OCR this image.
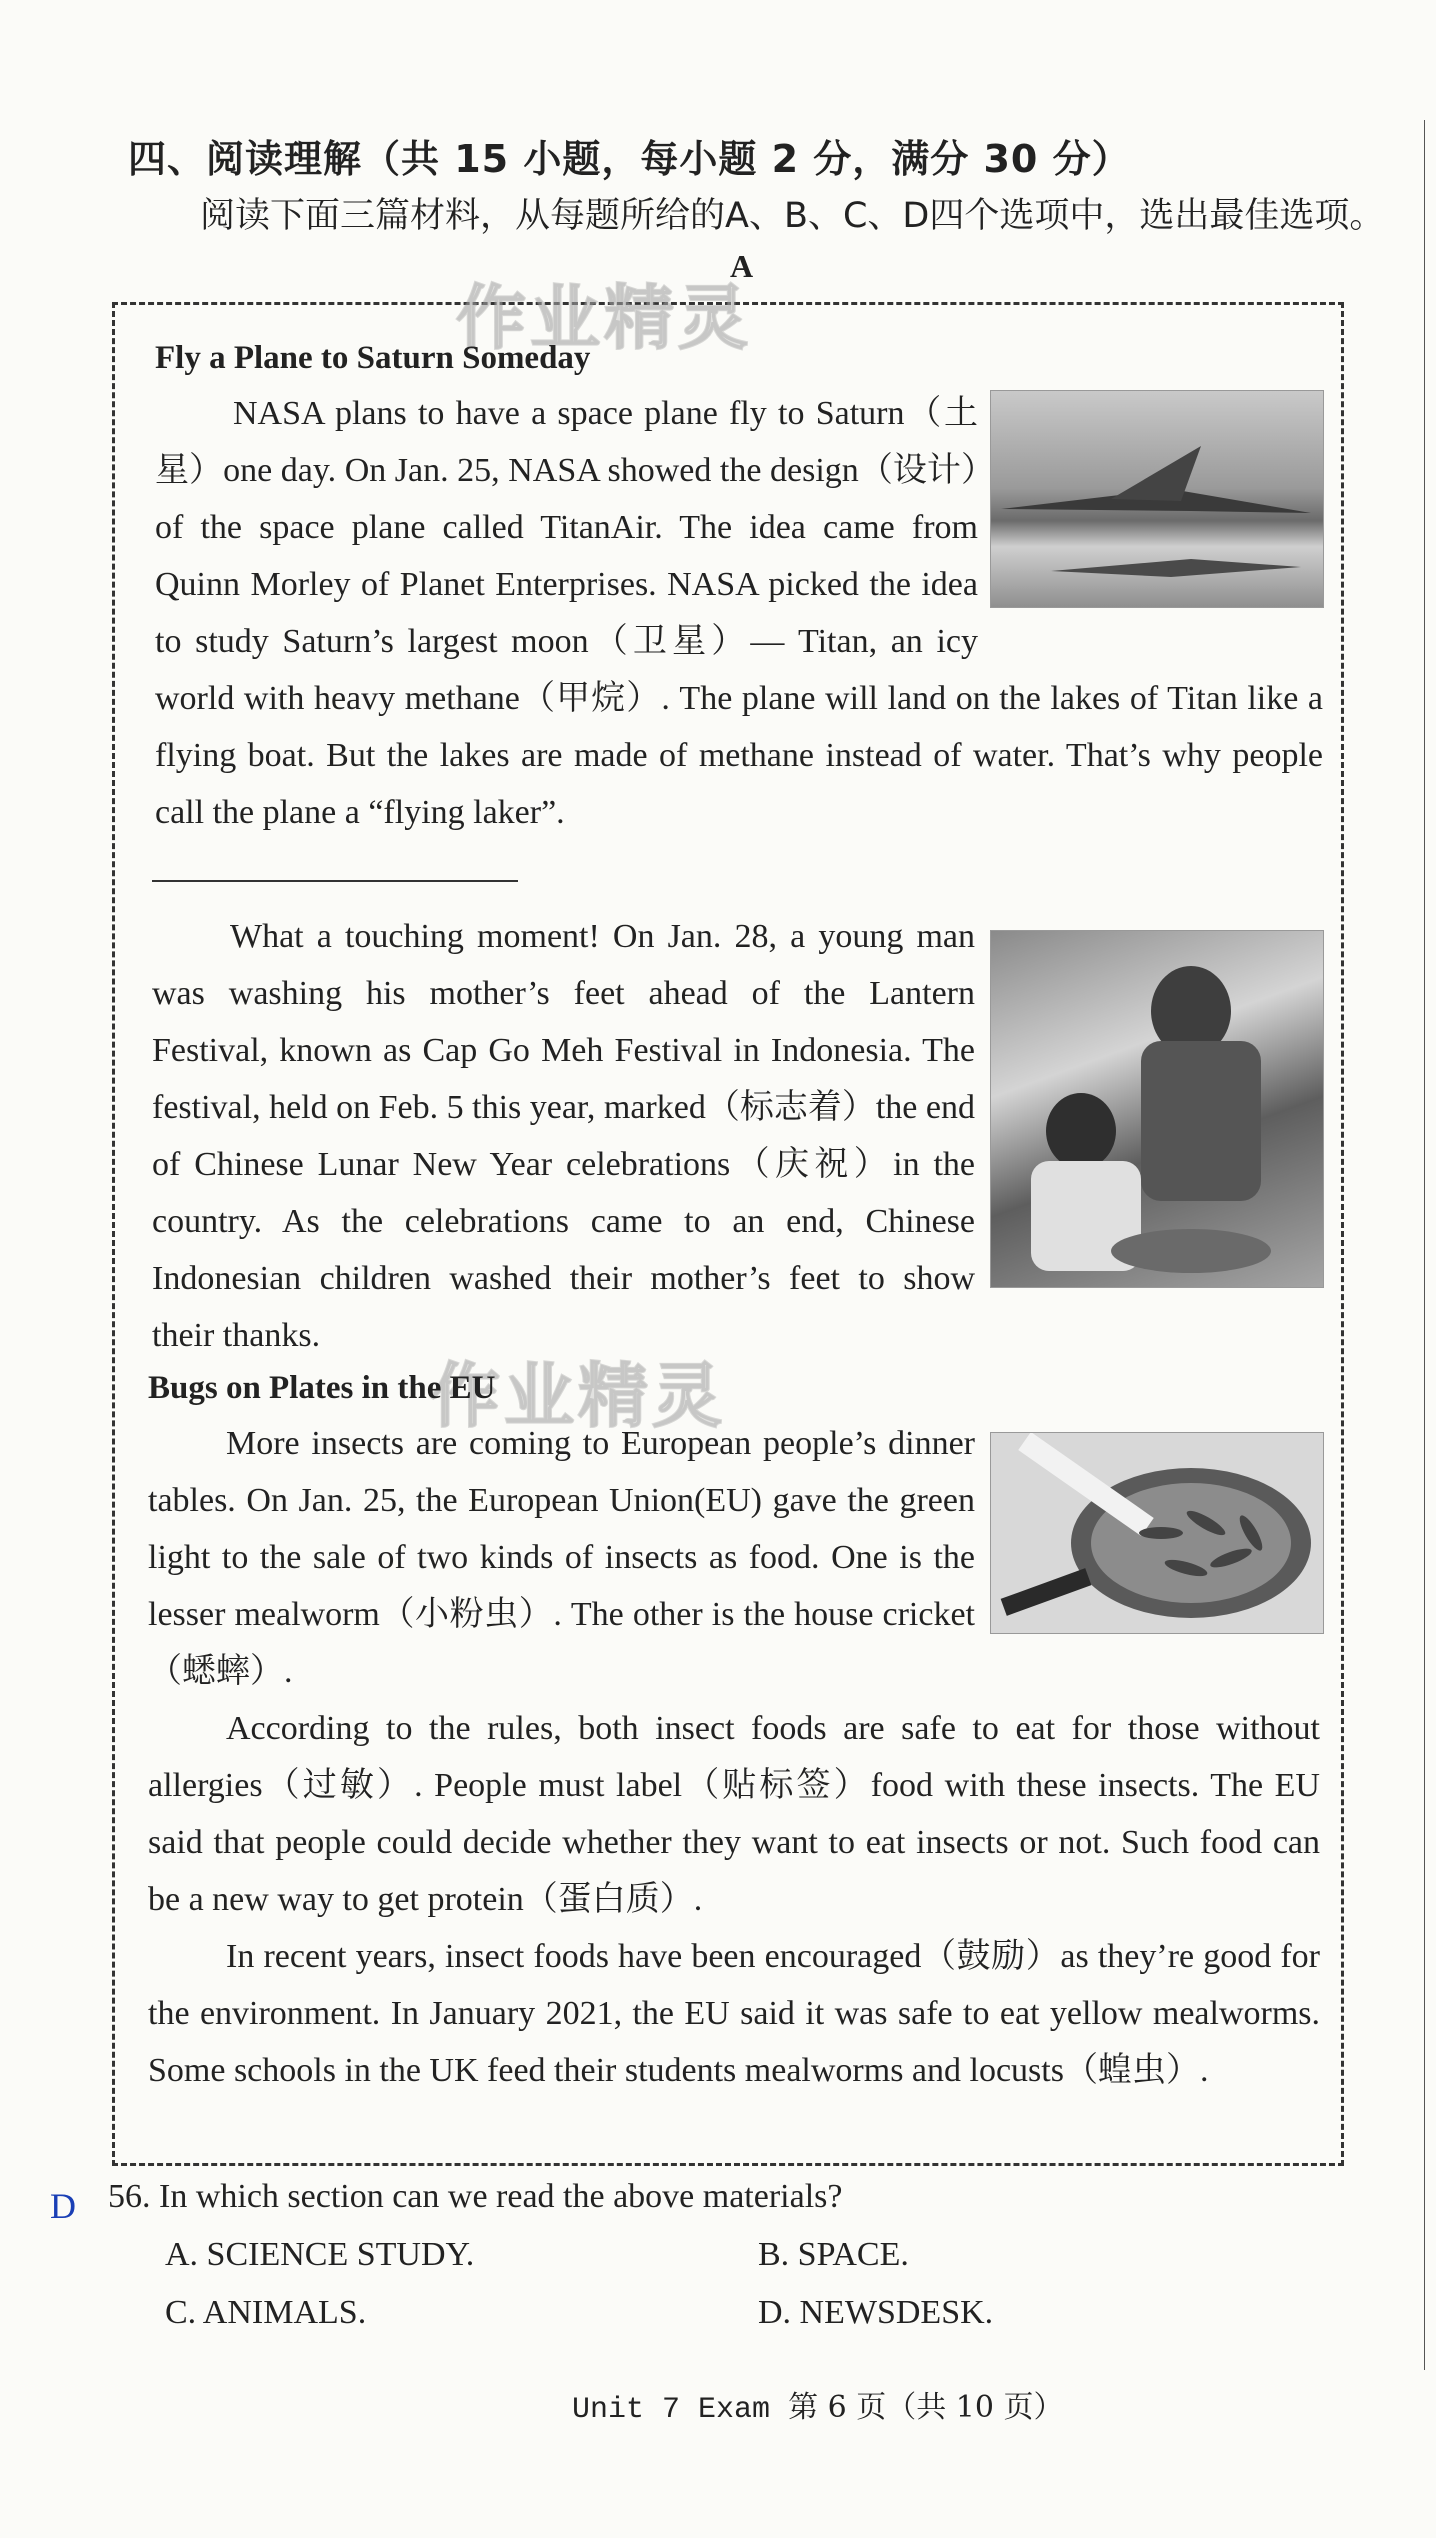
四、阅读理解（共 15 小题，每小题 2 分，满分 30 分）
阅读下面三篇材料，从每题所给的A、B、C、D四个选项中，选出最佳选项。
A
作业精灵
作业精灵
Fly a Plane to Saturn Someday

NASA plans to have a space plane fly to Saturn（土星）one day. On Jan. 25, NASA showed the design（设计）of the space plane called TitanAir. The idea came from Quinn Morley of Planet Enterprises. NASA picked the idea to study Saturn’s largest moon（卫星）— Titan, an icy world with heavy methane（甲烷）. The plane will land on the lakes of Titan like a flying boat. But the lakes are made of methane instead of water. That’s why people call the plane a “flying laker”.

What a touching moment! On Jan. 28, a young man was washing his mother’s feet ahead of the Lantern Festival, known as Cap Go Meh Festival in Indonesia. The festival, held on Feb. 5 this year, marked（标志着）the end of Chinese Lunar New Year celebrations（庆祝）in the country. As the celebrations came to an end, Chinese Indonesian children washed their mother’s feet to show their thanks.

Bugs on Plates in the EU

More insects are coming to European people’s dinner tables. On Jan. 25, the European Union(EU) gave the green light to the sale of two kinds of insects as food. One is the lesser mealworm（小粉虫）. The other is the house cricket（蟋蟀）.

According to the rules, both insect foods are safe to eat for those without allergies（过敏）. People must label（贴标签）food with these insects. The EU said that people could decide whether they want to eat insects or not. Such food can be a new way to get protein（蛋白质）.

In recent years, insect foods have been encouraged（鼓励）as they’re good for the environment. In January 2021, the EU said it was safe to eat yellow mealworms. Some schools in the UK feed their students mealworms and locusts（蝗虫）.

D 56. In which section can we read the above materials?
A. SCIENCE STUDY.	B. SPACE.
C. ANIMALS.	D. NEWSDESK.
Unit 7 Exam 第 6 页（共 10 页）
